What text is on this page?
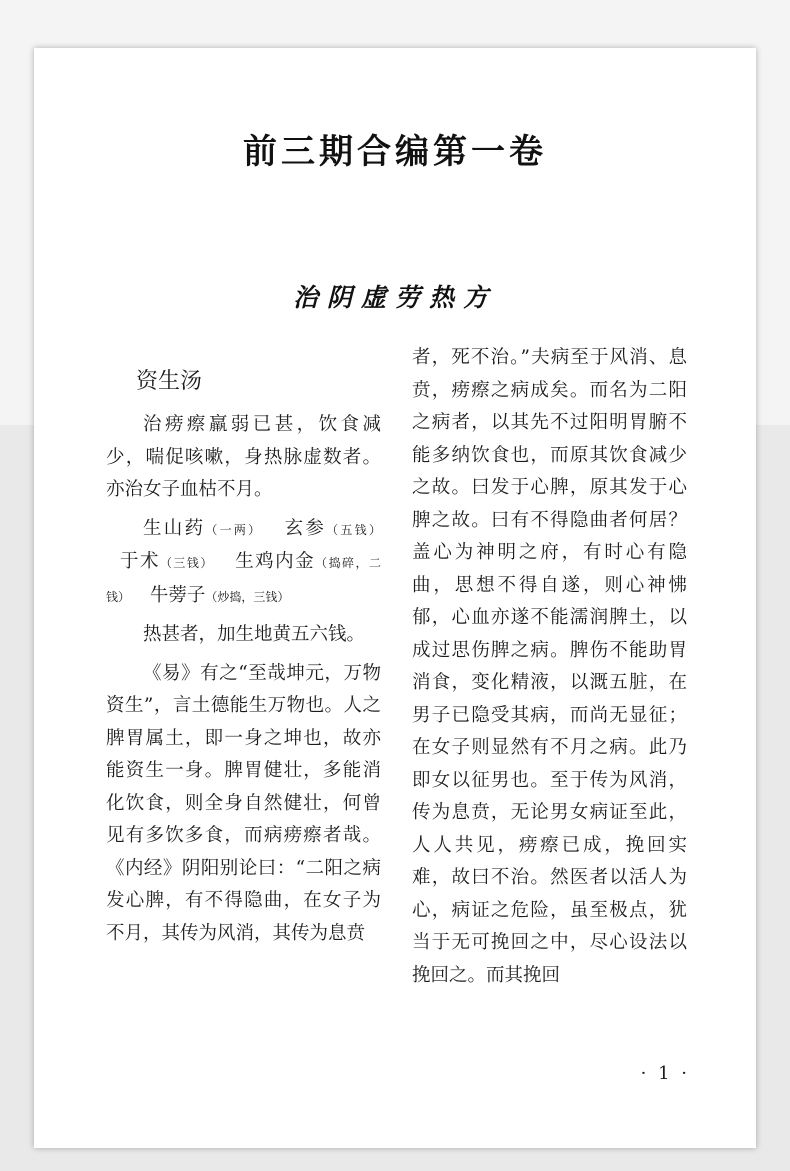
前三期合编第一卷
治阴虚劳热方

资生汤

治痨瘵羸弱已甚，饮食减少，喘促咳嗽，身热脉虚数者。亦治女子血枯不月。

生山药（一两） 玄参（五钱） 于术（三钱） 生鸡内金（捣碎，二钱） 牛蒡子（炒捣，三钱）

热甚者，加生地黄五六钱。

《易》有之“至哉坤元，万物资生”，言土德能生万物也。人之脾胃属土，即一身之坤也，故亦能资生一身。脾胃健壮，多能消化饮食，则全身自然健壮，何曾见有多饮多食，而病痨瘵者哉。《内经》阴阳别论曰：“二阳之病发心脾，有不得隐曲，在女子为不月，其传为风消，其传为息贲

者，死不治。”夫病至于风消、息贲，痨瘵之病成矣。而名为二阳之病者，以其先不过阳明胃腑不能多纳饮食也，而原其饮食减少之故。曰发于心脾，原其发于心脾之故。曰有不得隐曲者何居？盖心为神明之府，有时心有隐曲，思想不得自遂，则心神怫郁，心血亦遂不能濡润脾土，以成过思伤脾之病。脾伤不能助胃消食，变化精液，以溉五脏，在男子已隐受其病，而尚无显征；在女子则显然有不月之病。此乃即女以征男也。至于传为风消，传为息贲，无论男女病证至此，人人共见，痨瘵已成，挽回实难，故曰不治。然医者以活人为心，病证之危险，虽至极点，犹当于无可挽回之中，尽心设法以挽回之。而其挽回

· 1 ·
